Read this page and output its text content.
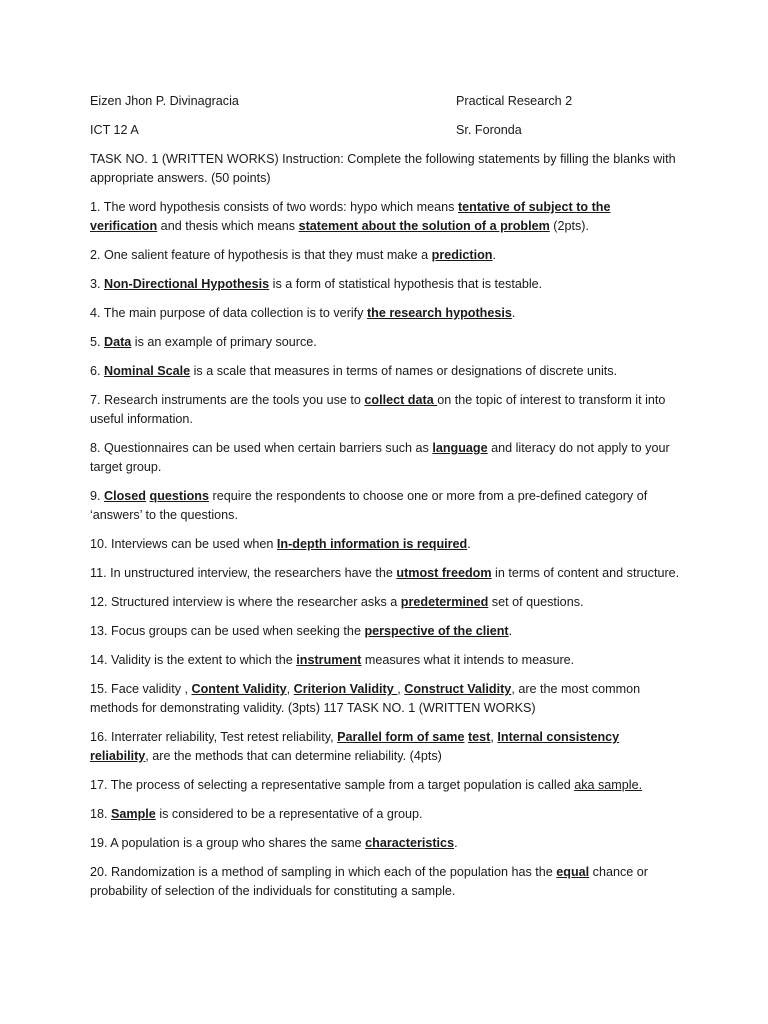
Eizen Jhon P. Divinagracia	Practical Research 2
ICT 12 A	Sr. Foronda

TASK NO. 1 (WRITTEN WORKS) Instruction: Complete the following statements by filling the blanks with appropriate answers. (50 points)

1. The word hypothesis consists of two words: hypo which means tentative of subject to the verification and thesis which means statement about the solution of a problem (2pts).

2. One salient feature of hypothesis is that they must make a prediction.

3. Non-Directional Hypothesis is a form of statistical hypothesis that is testable.

4. The main purpose of data collection is to verify the research hypothesis.

5. Data is an example of primary source.

6. Nominal Scale is a scale that measures in terms of names or designations of discrete units.

7. Research instruments are the tools you use to collect data on the topic of interest to transform it into useful information.

8. Questionnaires can be used when certain barriers such as language and literacy do not apply to your target group.

9. Closed questions require the respondents to choose one or more from a pre-defined category of ‘answers’ to the questions.

10. Interviews can be used when In-depth information is required.

11. In unstructured interview, the researchers have the utmost freedom in terms of content and structure.

12. Structured interview is where the researcher asks a predetermined set of questions.

13. Focus groups can be used when seeking the perspective of the client.

14. Validity is the extent to which the instrument measures what it intends to measure.

15. Face validity , Content Validity, Criterion Validity , Construct Validity, are the most common methods for demonstrating validity. (3pts) 117 TASK NO. 1 (WRITTEN WORKS)

16. Interrater reliability, Test retest reliability, Parallel form of same test, Internal consistency reliability, are the methods that can determine reliability. (4pts)

17. The process of selecting a representative sample from a target population is called aka sample.

18. Sample is considered to be a representative of a group.

19. A population is a group who shares the same characteristics.

20. Randomization is a method of sampling in which each of the population has the equal chance or probability of selection of the individuals for constituting a sample.
